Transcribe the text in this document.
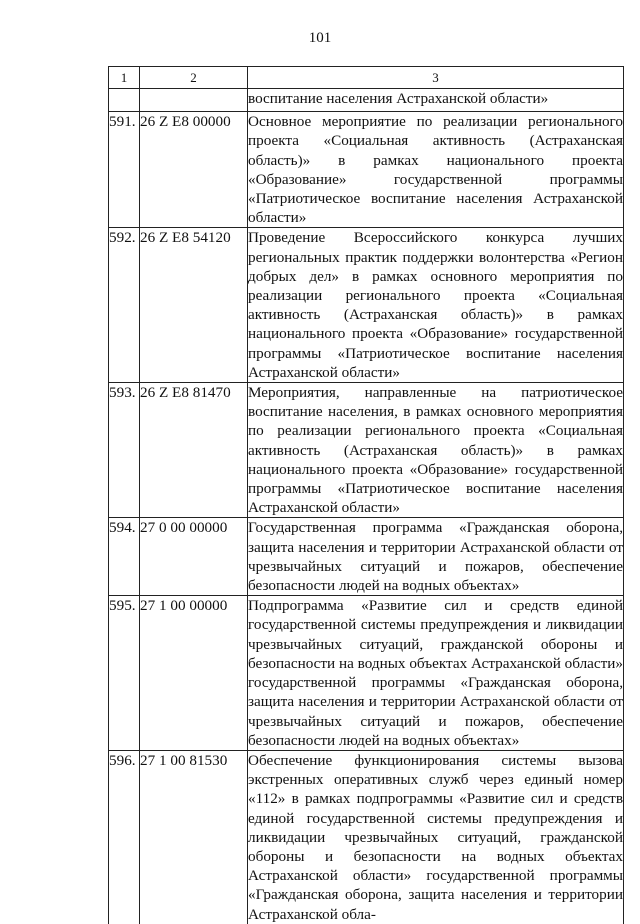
101
1	2	3
		воспитание населения Астраханской области»
591.	26 Z E8 00000	Основное мероприятие по реализации регионального проекта «Социальная активность (Астраханская область)» в рамках национального проекта «Образование» государственной программы «Патриотическое воспитание населения Астраханской области»
592.	26 Z E8 54120	Проведение Всероссийского конкурса лучших региональных практик поддержки волонтерства «Регион добрых дел» в рамках основного мероприятия по реализации регионального проекта «Социальная активность (Астраханская область)» в рамках национального проекта «Образование» государственной программы «Патриотическое воспитание населения Астраханской области»
593.	26 Z E8 81470	Мероприятия, направленные на патриотическое воспитание населения, в рамках основного мероприятия по реализации регионального проекта «Социальная активность (Астраханская область)» в рамках национального проекта «Образование» государственной программы «Патриотическое воспитание населения Астраханской области»
594.	27 0 00 00000	Государственная программа «Гражданская оборона, защита населения и территории Астраханской области от чрезвычайных ситуаций и пожаров, обеспечение безопасности людей на водных объектах»
595.	27 1 00 00000	Подпрограмма «Развитие сил и средств единой государственной системы предупреждения и ликвидации чрезвычайных ситуаций, гражданской обороны и безопасности на водных объектах Астраханской области» государственной программы «Гражданская оборона, защита населения и территории Астраханской области от чрезвычайных ситуаций и пожаров, обеспечение безопасности людей на водных объектах»
596.	27 1 00 81530	Обеспечение функционирования системы вызова экстренных оперативных служб через единый номер «112» в рамках подпрограммы «Развитие сил и средств единой государственной системы предупреждения и ликвидации чрезвычайных ситуаций, гражданской обороны и безопасности на водных объектах Астраханской области» государственной программы «Гражданская оборона, защита населения и территории Астраханской обла-
